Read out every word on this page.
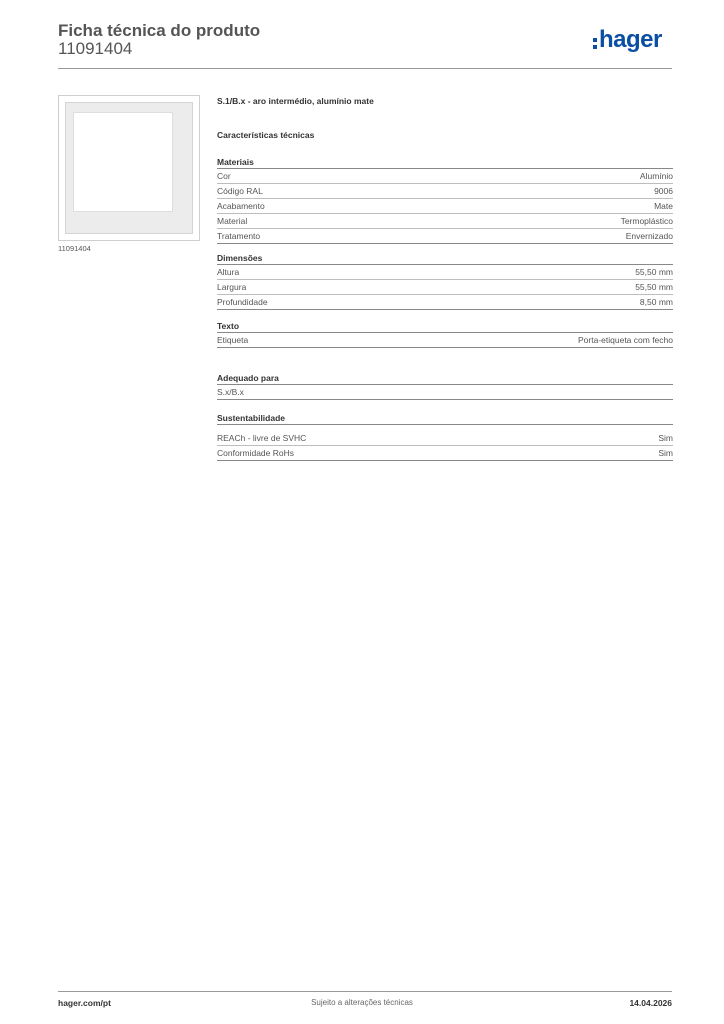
Ficha técnica do produto
11091404	hager
11091404
S.1/B.x - aro intermédio, alumínio mate
Características técnicas
Materiais
Cor	Alumínio
Código RAL	9006
Acabamento	Mate
Material	Termoplástico
Tratamento	Envernizado
Dimensões
Altura	55,50 mm
Largura	55,50 mm
Profundidade	8,50 mm
Texto
Etiqueta	Porta-etiqueta com fecho
Adequado para
S.x/B.x
Sustentabilidade
REACh - livre de SVHC	Sim
Conformidade RoHs	Sim
hager.com/pt	Sujeito a alterações técnicas	14.04.2026
